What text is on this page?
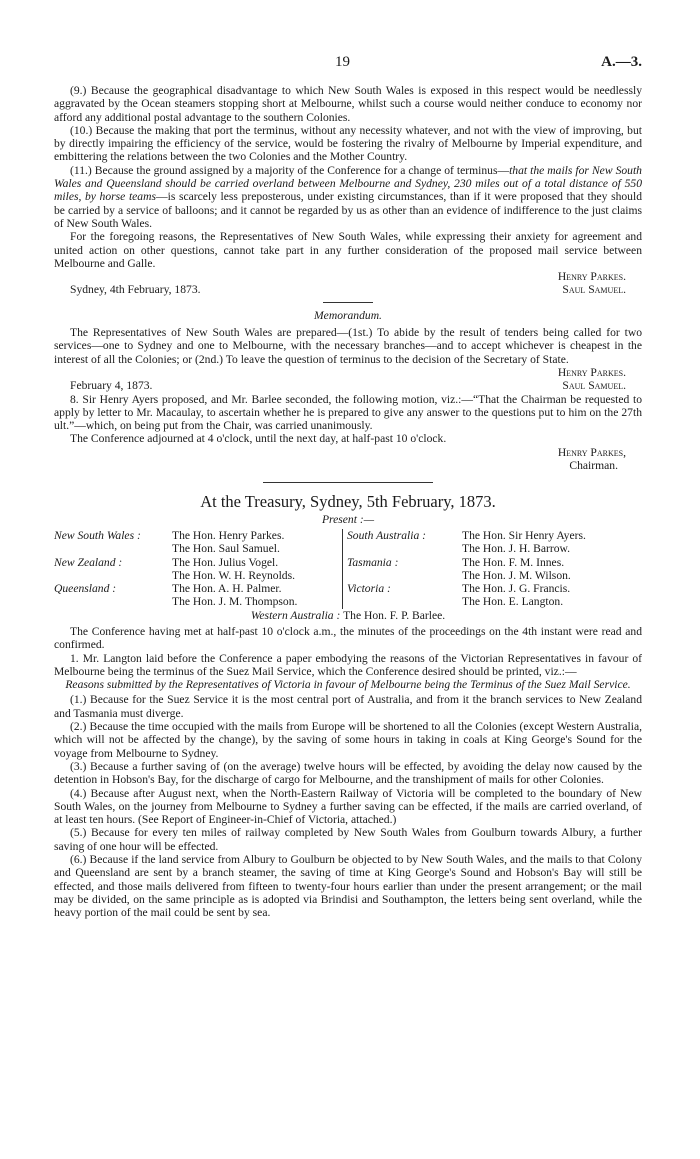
19	A.—3.

(9.) Because the geographical disadvantage to which New South Wales is exposed in this respect would be needlessly aggravated by the Ocean steamers stopping short at Melbourne, whilst such a course would neither conduce to economy nor afford any additional postal advantage to the southern Colonies.

(10.) Because the making that port the terminus, without any necessity whatever, and not with the view of improving, but by directly impairing the efficiency of the service, would be fostering the rivalry of Melbourne by Imperial expenditure, and embittering the relations between the two Colonies and the Mother Country.

(11.) Because the ground assigned by a majority of the Conference for a change of terminus—that the mails for New South Wales and Queensland should be carried overland between Melbourne and Sydney, 230 miles out of a total distance of 550 miles, by horse teams—is scarcely less preposterous, under existing circumstances, than if it were proposed that they should be carried by a service of balloons; and it cannot be regarded by us as other than an evidence of indifference to the just claims of New South Wales.

For the foregoing reasons, the Representatives of New South Wales, while expressing their anxiety for agreement and united action on other questions, cannot take part in any further consideration of the proposed mail service between Melbourne and Galle.

Henry Parkes.

Sydney, 4th February, 1873.	Saul Samuel.

Memorandum.

The Representatives of New South Wales are prepared—(1st.) To abide by the result of tenders being called for two services—one to Sydney and one to Melbourne, with the necessary branches—and to accept whichever is cheapest in the interest of all the Colonies; or (2nd.) To leave the question of terminus to the decision of the Secretary of State.

Henry Parkes.

February 4, 1873.	Saul Samuel.

8. Sir Henry Ayers proposed, and Mr. Barlee seconded, the following motion, viz.:—“That the Chairman be requested to apply by letter to Mr. Macaulay, to ascertain whether he is prepared to give any answer to the questions put to him on the 27th ult.”—which, on being put from the Chair, was carried unanimously.

The Conference adjourned at 4 o'clock, until the next day, at half-past 10 o'clock.

Henry Parkes,

Chairman.

At the Treasury, Sydney, 5th February, 1873.

Present :—

New South Wales :	The Hon. Henry Parkes.	South Australia :	The Hon. Sir Henry Ayers.
The Hon. Saul Samuel.	The Hon. J. H. Barrow.
New Zealand :	The Hon. Julius Vogel.	Tasmania :	The Hon. F. M. Innes.
The Hon. W. H. Reynolds.	The Hon. J. M. Wilson.
Queensland :	The Hon. A. H. Palmer.	Victoria :	The Hon. J. G. Francis.
The Hon. J. M. Thompson.	The Hon. E. Langton.

Western Australia : The Hon. F. P. Barlee.

The Conference having met at half-past 10 o'clock a.m., the minutes of the proceedings on the 4th instant were read and confirmed.

1. Mr. Langton laid before the Conference a paper embodying the reasons of the Victorian Representatives in favour of Melbourne being the terminus of the Suez Mail Service, which the Conference desired should be printed, viz.:—

Reasons submitted by the Representatives of Victoria in favour of Melbourne being the Terminus of the Suez Mail Service.

(1.) Because for the Suez Service it is the most central port of Australia, and from it the branch services to New Zealand and Tasmania must diverge.

(2.) Because the time occupied with the mails from Europe will be shortened to all the Colonies (except Western Australia, which will not be affected by the change), by the saving of some hours in taking in coals at King George's Sound for the voyage from Melbourne to Sydney.

(3.) Because a further saving of (on the average) twelve hours will be effected, by avoiding the delay now caused by the detention in Hobson's Bay, for the discharge of cargo for Melbourne, and the transhipment of mails for other Colonies.

(4.) Because after August next, when the North-Eastern Railway of Victoria will be completed to the boundary of New South Wales, on the journey from Melbourne to Sydney a further saving can be effected, if the mails are carried overland, of at least ten hours. (See Report of Engineer-in-Chief of Victoria, attached.)

(5.) Because for every ten miles of railway completed by New South Wales from Goulburn towards Albury, a further saving of one hour will be effected.

(6.) Because if the land service from Albury to Goulburn be objected to by New South Wales, and the mails to that Colony and Queensland are sent by a branch steamer, the saving of time at King George's Sound and Hobson's Bay will still be effected, and those mails delivered from fifteen to twenty-four hours earlier than under the present arrangement; or the mail may be divided, on the same principle as is adopted via Brindisi and Southampton, the letters being sent overland, while the heavy portion of the mail could be sent by sea.
